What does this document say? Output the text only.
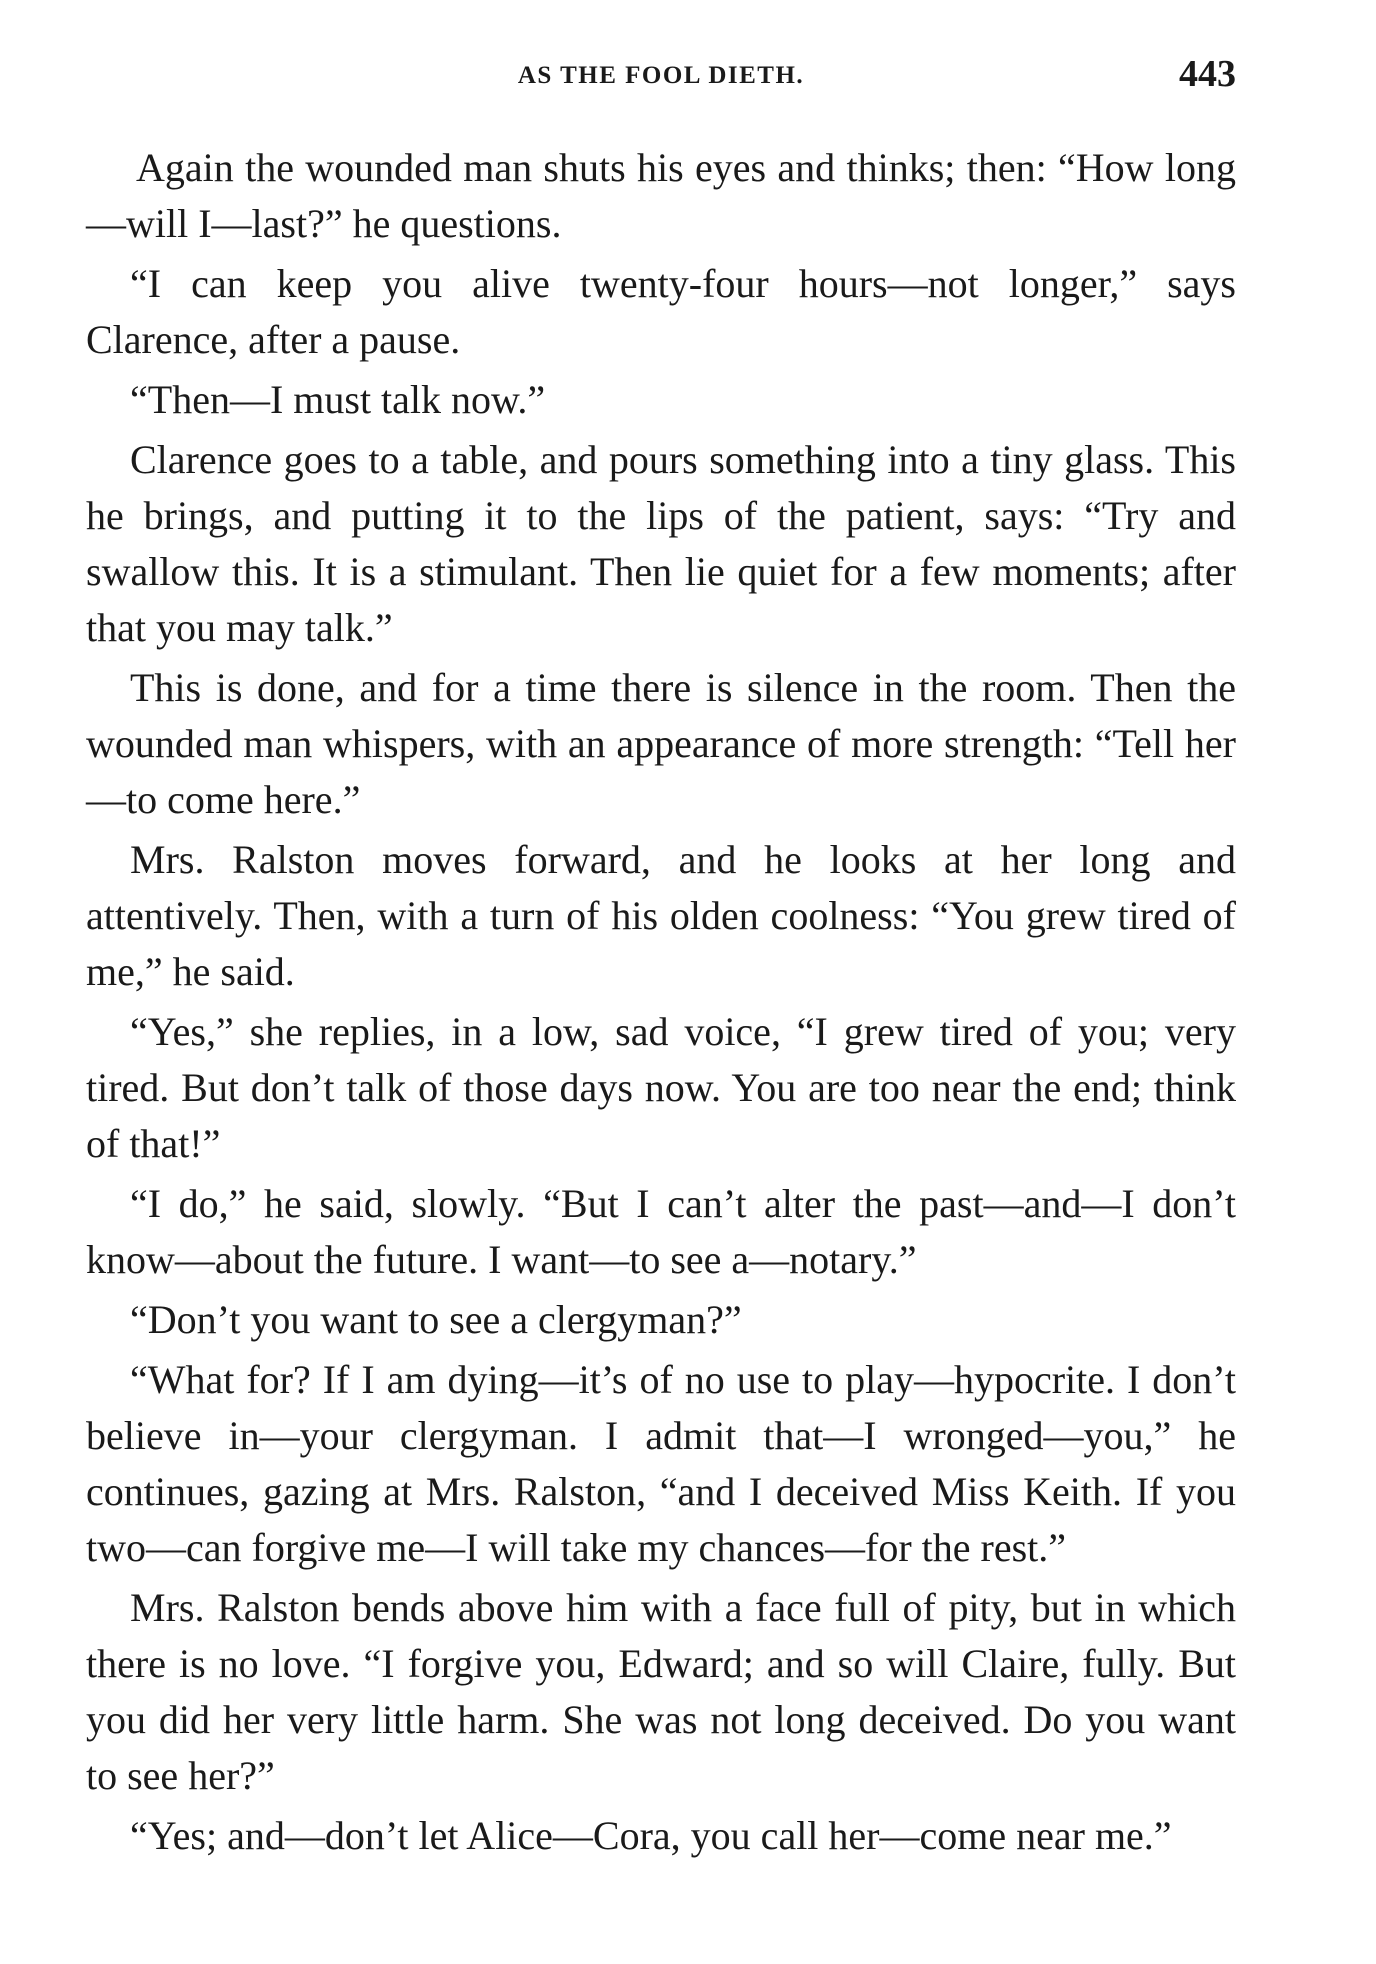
AS THE FOOL DIETH.	443

Again the wounded man shuts his eyes and thinks; then: “How long—will I—last?” he questions.

“I can keep you alive twenty-four hours—not longer,” says Clarence, after a pause.

“Then—I must talk now.”

Clarence goes to a table, and pours something into a tiny glass. This he brings, and putting it to the lips of the patient, says: “Try and swallow this. It is a stimulant. Then lie quiet for a few moments; after that you may talk.”

This is done, and for a time there is silence in the room. Then the wounded man whispers, with an appearance of more strength: “Tell her—to come here.”

Mrs. Ralston moves forward, and he looks at her long and attentively. Then, with a turn of his olden coolness: “You grew tired of me,” he said.

“Yes,” she replies, in a low, sad voice, “I grew tired of you; very tired. But don’t talk of those days now. You are too near the end; think of that!”

“I do,” he said, slowly. “But I can’t alter the past—and—I don’t know—about the future. I want—to see a—notary.”

“Don’t you want to see a clergyman?”

“What for? If I am dying—it’s of no use to play—hypocrite. I don’t believe in—your clergyman. I admit that—I wronged—you,” he continues, gazing at Mrs. Ralston, “and I deceived Miss Keith. If you two—can forgive me—I will take my chances—for the rest.”

Mrs. Ralston bends above him with a face full of pity, but in which there is no love. “I forgive you, Edward; and so will Claire, fully. But you did her very little harm. She was not long deceived. Do you want to see her?”

“Yes; and—don’t let Alice—Cora, you call her—come near me.”
